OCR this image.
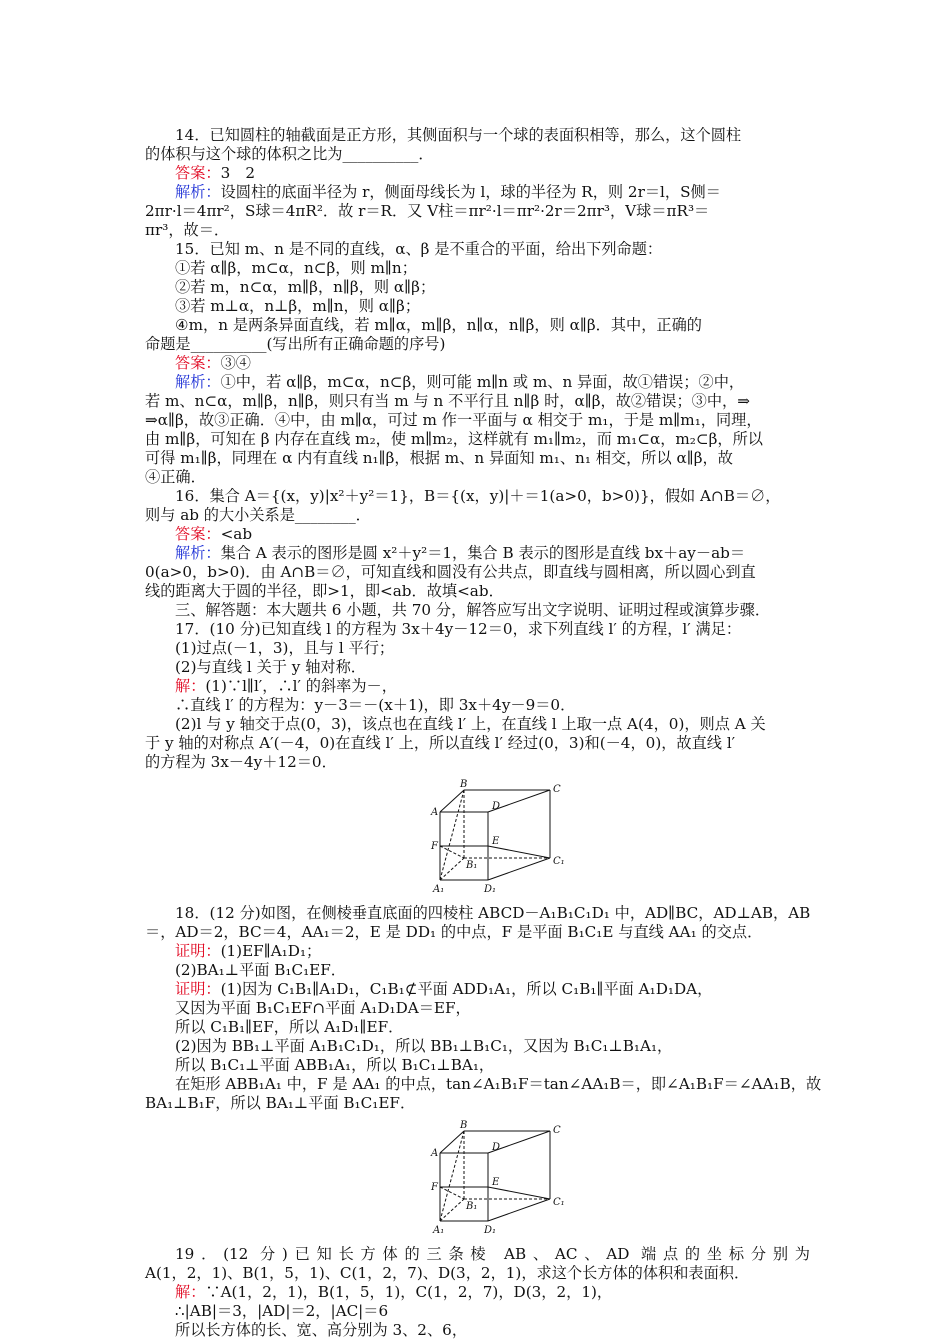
14．已知圆柱的轴截面是正方形，其侧面积与一个球的表面积相等，那么，这个圆柱

的体积与这个球的体积之比为__________．

答案：3　2

解析：设圆柱的底面半径为 r，侧面母线长为 l，球的半径为 R，则 2r＝l，S侧＝

2πr·l＝4πr²，S球＝4πR²．故 r＝R．又 V柱＝πr²·l＝πr²·2r＝2πr³，V球＝πR³＝

πr³，故＝．

15．已知 m、n 是不同的直线，α、β 是不重合的平面，给出下列命题：

①若 α∥β，m⊂α，n⊂β，则 m∥n；

②若 m，n⊂α，m∥β，n∥β，则 α∥β；

③若 m⊥α，n⊥β，m∥n，则 α∥β；

④m，n 是两条异面直线，若 m∥α，m∥β，n∥α，n∥β，则 α∥β．其中，正确的

命题是__________(写出所有正确命题的序号)

答案：③④

解析：①中，若 α∥β，m⊂α，n⊂β，则可能 m∥n 或 m、n 异面，故①错误；②中，

若 m、n⊂α，m∥β，n∥β，则只有当 m 与 n 不平行且 n∥β 时，α∥β，故②错误；③中，⇒

⇒α∥β，故③正确．④中，由 m∥α，可过 m 作一平面与 α 相交于 m₁，于是 m∥m₁，同理，

由 m∥β，可知在 β 内存在直线 m₂，使 m∥m₂，这样就有 m₁∥m₂，而 m₁⊂α，m₂⊂β，所以

可得 m₁∥β，同理在 α 内有直线 n₁∥β，根据 m、n 异面知 m₁、n₁ 相交，所以 α∥β，故

④正确．

16．集合 A＝{(x，y)|x²＋y²＝1}，B＝{(x，y)|＋＝1(a>0，b>0)}，假如 A∩B＝∅，

则与 ab 的大小关系是________．

答案：<ab

解析：集合 A 表示的图形是圆 x²＋y²＝1，集合 B 表示的图形是直线 bx＋ay－ab＝

0(a>0，b>0)．由 A∩B＝∅，可知直线和圆没有公共点，即直线与圆相离，所以圆心到直

线的距离大于圆的半径，即>1，即<ab．故填<ab．

三、解答题：本大题共 6 小题，共 70 分，解答应写出文字说明、证明过程或演算步骤．

17．(10 分)已知直线 l 的方程为 3x＋4y－12＝0，求下列直线 l′ 的方程，l′ 满足：

(1)过点(－1，3)，且与 l 平行；

(2)与直线 l 关于 y 轴对称．

解：(1)∵l∥l′，∴l′ 的斜率为－，

∴直线 l′ 的方程为：y－3＝－(x＋1)，即 3x＋4y－9＝0．

(2)l 与 y 轴交于点(0，3)，该点也在直线 l′ 上，在直线 l 上取一点 A(4，0)，则点 A 关

于 y 轴的对称点 A′(－4，0)在直线 l′ 上，所以直线 l′ 经过(0，3)和(－4，0)，故直线 l′

的方程为 3x－4y＋12＝0．

B	C
A
D
F	E
B₁	C₁
A₁	D₁

18．(12 分)如图，在侧棱垂直底面的四棱柱 ABCD－A₁B₁C₁D₁ 中，AD∥BC，AD⊥AB，AB

＝，AD＝2，BC＝4，AA₁＝2，E 是 DD₁ 的中点，F 是平面 B₁C₁E 与直线 AA₁ 的交点．

证明：(1)EF∥A₁D₁；

(2)BA₁⊥平面 B₁C₁EF．

证明：(1)因为 C₁B₁∥A₁D₁，C₁B₁⊄平面 ADD₁A₁，所以 C₁B₁∥平面 A₁D₁DA，

又因为平面 B₁C₁EF∩平面 A₁D₁DA＝EF，

所以 C₁B₁∥EF，所以 A₁D₁∥EF．

(2)因为 BB₁⊥平面 A₁B₁C₁D₁，所以 BB₁⊥B₁C₁，又因为 B₁C₁⊥B₁A₁，

所以 B₁C₁⊥平面 ABB₁A₁，所以 B₁C₁⊥BA₁，

在矩形 ABB₁A₁ 中，F 是 AA₁ 的中点，tan∠A₁B₁F＝tan∠AA₁B＝，即∠A₁B₁F＝∠AA₁B，故

BA₁⊥B₁F，所以 BA₁⊥平面 B₁C₁EF．

B	C
A
D
F	E
B₁	C₁
A₁	D₁

19．(12 分)已知长方体的三条棱 AB、AC、AD 端点的坐标分别为

A(1，2，1)、B(1，5，1)、C(1，2，7)、D(3，2，1)，求这个长方体的体积和表面积．

解：∵A(1，2，1)，B(1，5，1)，C(1，2，7)，D(3，2，1)，

∴|AB|＝3，|AD|＝2，|AC|＝6

所以长方体的长、宽、高分别为 3、2、6，
